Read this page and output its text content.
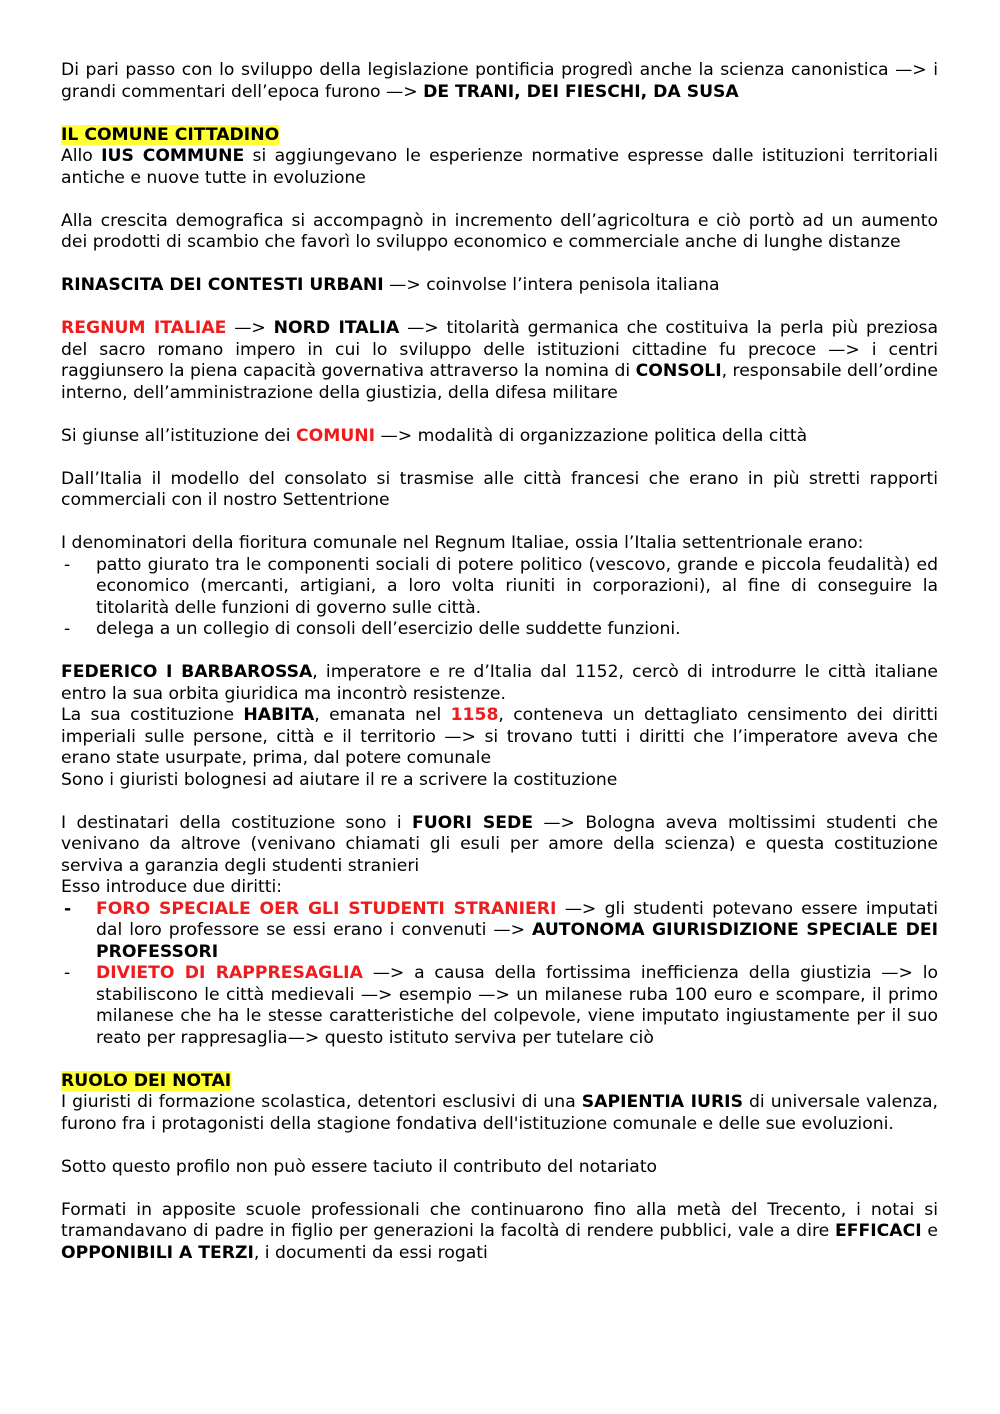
Di pari passo con lo sviluppo della legislazione pontificia progredì anche la scienza canonistica —> i grandi commentari dell’epoca furono —> DE TRANI, DEI FIESCHI, DA SUSA

IL COMUNE CITTADINO

Allo IUS COMMUNE si aggiungevano le esperienze normative espresse dalle istituzioni territoriali antiche e nuove tutte in evoluzione

Alla crescita demografica si accompagnò in incremento dell’agricoltura e ciò portò ad un aumento dei prodotti di scambio che favorì lo sviluppo economico e commerciale anche di lunghe distanze

RINASCITA DEI CONTESTI URBANI —> coinvolse l’intera penisola italiana

REGNUM ITALIAE —> NORD ITALIA —> titolarità germanica che costituiva la perla più preziosa del sacro romano impero in cui lo sviluppo delle istituzioni cittadine fu precoce —> i centri raggiunsero la piena capacità governativa attraverso la nomina di CONSOLI, responsabile dell’ordine interno, dell’amministrazione della giustizia, della difesa militare

Si giunse all’istituzione dei COMUNI —> modalità di organizzazione politica della città

Dall’Italia il modello del consolato si trasmise alle città francesi che erano in più stretti rapporti commerciali con il nostro Settentrione

I denominatori della fioritura comunale nel Regnum Italiae, ossia l’Italia settentrionale erano:

- patto giurato tra le componenti sociali di potere politico (vescovo, grande e piccola feudalità) ed economico (mercanti, artigiani, a loro volta riuniti in corporazioni), al fine di conseguire la titolarità delle funzioni di governo sulle città.
- delega a un collegio di consoli dell’esercizio delle suddette funzioni.

FEDERICO I BARBAROSSA, imperatore e re d’Italia dal 1152, cercò di introdurre le città italiane entro la sua orbita giuridica ma incontrò resistenze.

La sua costituzione HABITA, emanata nel 1158, conteneva un dettagliato censimento dei diritti imperiali sulle persone, città e il territorio —> si trovano tutti i diritti che l’imperatore aveva che erano state usurpate, prima, dal potere comunale

Sono i giuristi bolognesi ad aiutare il re a scrivere la costituzione

I destinatari della costituzione sono i FUORI SEDE —> Bologna aveva moltissimi studenti che venivano da altrove (venivano chiamati gli esuli per amore della scienza) e questa costituzione serviva a garanzia degli studenti stranieri

Esso introduce due diritti:

- FORO SPECIALE OER GLI STUDENTI STRANIERI —> gli studenti potevano essere imputati dal loro professore se essi erano i convenuti —> AUTONOMA GIURISDIZIONE SPECIALE DEI PROFESSORI
- DIVIETO DI RAPPRESAGLIA —> a causa della fortissima inefficienza della giustizia —> lo stabiliscono le città medievali —> esempio —> un milanese ruba 100 euro e scompare, il primo milanese che ha le stesse caratteristiche del colpevole, viene imputato ingiustamente per il suo reato per rappresaglia—> questo istituto serviva per tutelare ciò

RUOLO DEI NOTAI

I giuristi di formazione scolastica, detentori esclusivi di una SAPIENTIA IURIS di universale valenza, furono fra i protagonisti della stagione fondativa dell'istituzione comunale e delle sue evoluzioni.

Sotto questo profilo non può essere taciuto il contributo del notariato

Formati in apposite scuole professionali che continuarono fino alla metà del Trecento, i notai si tramandavano di padre in figlio per generazioni la facoltà di rendere pubblici, vale a dire EFFICACI e OPPONIBILI A TERZI, i documenti da essi rogati
